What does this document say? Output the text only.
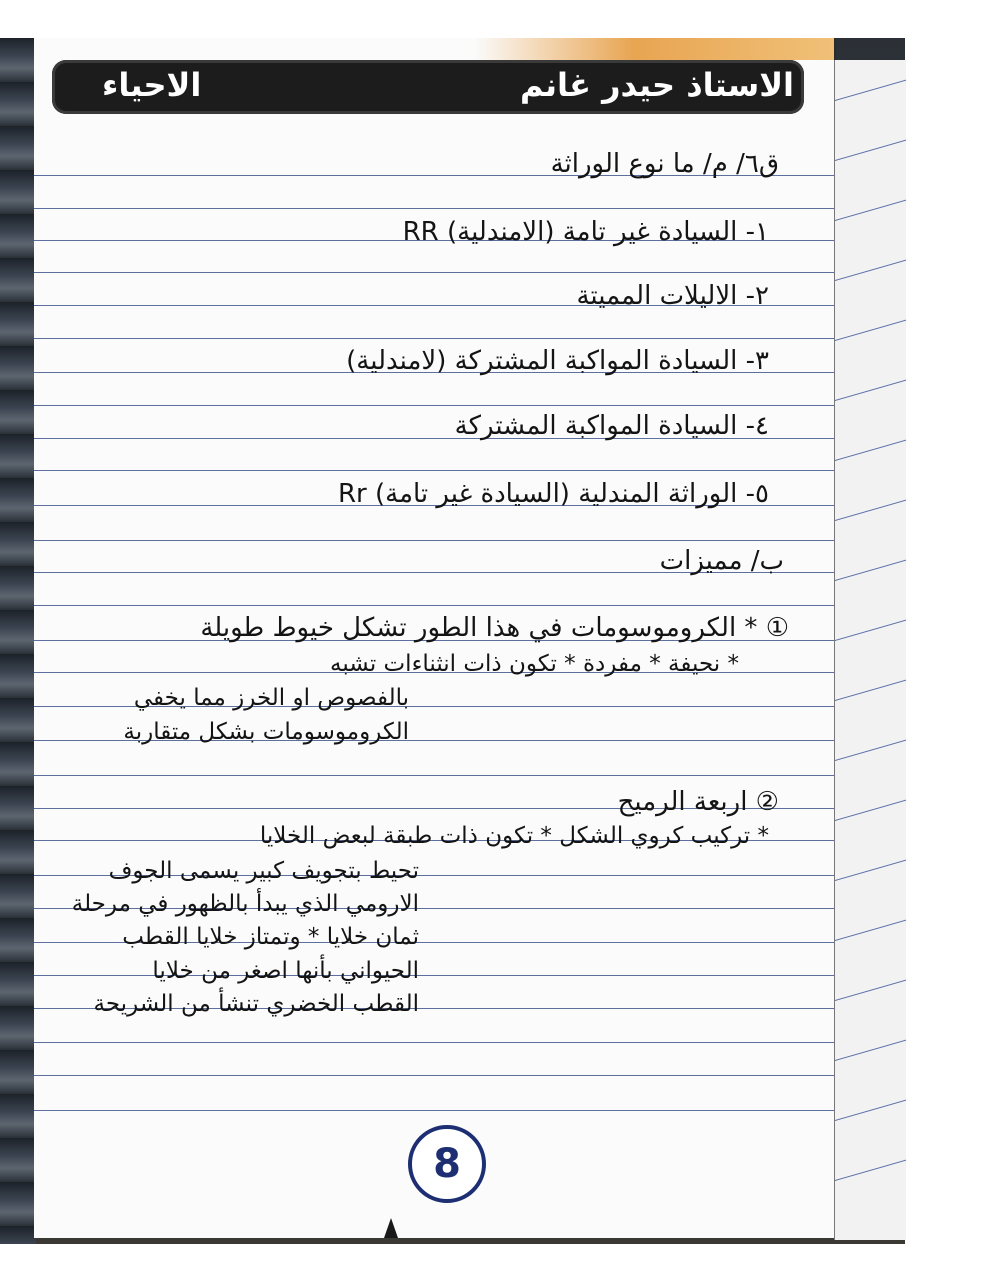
الاستاذ حيدر غانم
الاحياء
ق٦/ م/ ما نوع الوراثة
١- السيادة غير تامة (الامندلية) RR
٢- الاليلات المميتة
٣- السيادة المواكبة المشتركة (لامندلية)
٤- السيادة المواكبة المشتركة
٥- الوراثة المندلية (السيادة غير تامة) Rr
ب/ مميزات
① * الكروموسومات في هذا الطور تشكل خيوط طويلة
* نحيفة * مفردة * تكون ذات انثناءات تشبه
بالفصوص او الخرز مما يخفي
الكروموسومات بشكل متقاربة
② اربعة الرميح
* تركيب كروي الشكل * تكون ذات طبقة لبعض الخلايا
تحيط بتجويف كبير يسمى الجوف
الارومي الذي يبدأ بالظهور في مرحلة
ثمان خلايا * وتمتاز خلايا القطب
الحيواني بأنها اصغر من خلايا
القطب الخضري تنشأ من الشريحة
8
